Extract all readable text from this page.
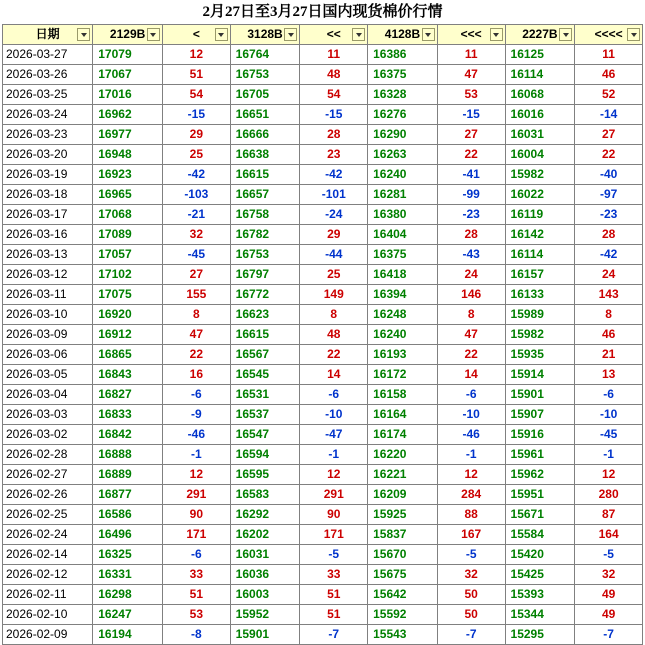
2月27日至3月27日国内现货棉价行情
日期	2129B	<	3128B	<<	4128B	<<<	2227B	<<<<

2026-03-27	17079	12	16764	11	16386	11	16125	11
2026-03-26	17067	51	16753	48	16375	47	16114	46
2026-03-25	17016	54	16705	54	16328	53	16068	52
2026-03-24	16962	-15	16651	-15	16276	-15	16016	-14
2026-03-23	16977	29	16666	28	16290	27	16031	27
2026-03-20	16948	25	16638	23	16263	22	16004	22
2026-03-19	16923	-42	16615	-42	16240	-41	15982	-40
2026-03-18	16965	-103	16657	-101	16281	-99	16022	-97
2026-03-17	17068	-21	16758	-24	16380	-23	16119	-23
2026-03-16	17089	32	16782	29	16404	28	16142	28
2026-03-13	17057	-45	16753	-44	16375	-43	16114	-42
2026-03-12	17102	27	16797	25	16418	24	16157	24
2026-03-11	17075	155	16772	149	16394	146	16133	143
2026-03-10	16920	8	16623	8	16248	8	15989	8
2026-03-09	16912	47	16615	48	16240	47	15982	46
2026-03-06	16865	22	16567	22	16193	22	15935	21
2026-03-05	16843	16	16545	14	16172	14	15914	13
2026-03-04	16827	-6	16531	-6	16158	-6	15901	-6
2026-03-03	16833	-9	16537	-10	16164	-10	15907	-10
2026-03-02	16842	-46	16547	-47	16174	-46	15916	-45
2026-02-28	16888	-1	16594	-1	16220	-1	15961	-1
2026-02-27	16889	12	16595	12	16221	12	15962	12
2026-02-26	16877	291	16583	291	16209	284	15951	280
2026-02-25	16586	90	16292	90	15925	88	15671	87
2026-02-24	16496	171	16202	171	15837	167	15584	164
2026-02-14	16325	-6	16031	-5	15670	-5	15420	-5
2026-02-12	16331	33	16036	33	15675	32	15425	32
2026-02-11	16298	51	16003	51	15642	50	15393	49
2026-02-10	16247	53	15952	51	15592	50	15344	49
2026-02-09	16194	-8	15901	-7	15543	-7	15295	-7
